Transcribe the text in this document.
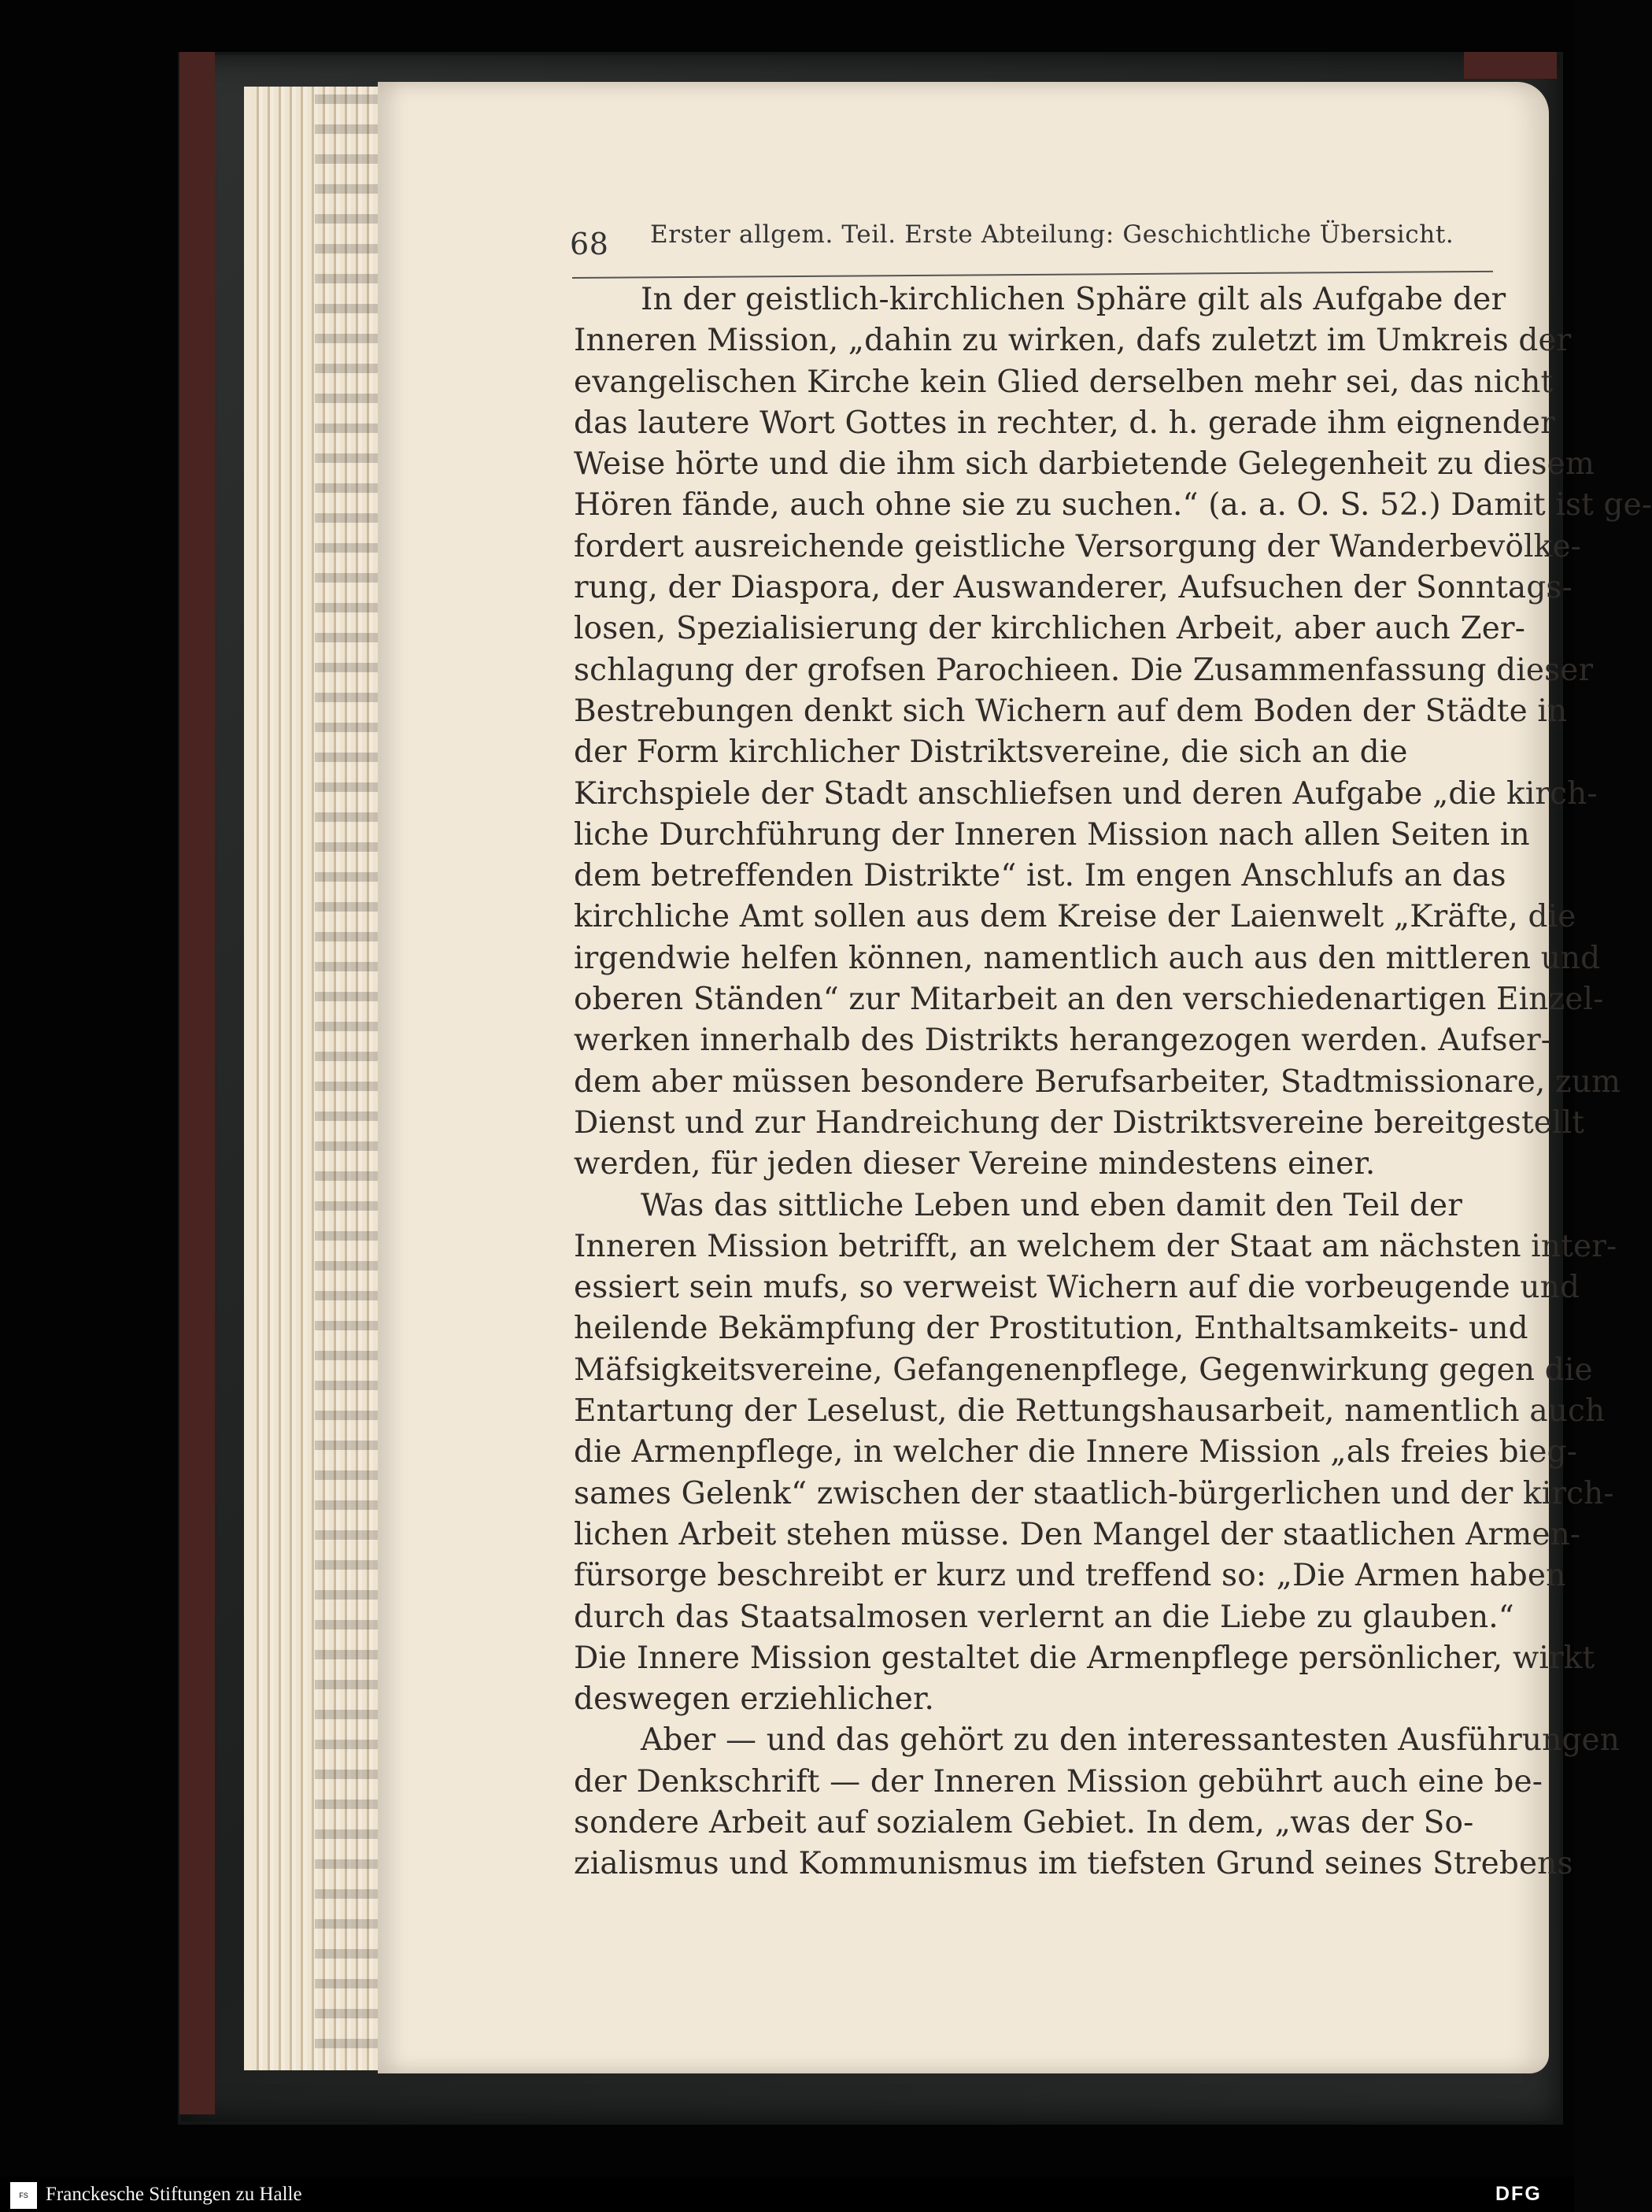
68 Erster allgem. Teil. Erste Abteilung: Geschichtliche Übersicht.
In der geistlich-kirchlichen Sphäre gilt als Aufgabe der
Inneren Mission, „dahin zu wirken, dafs zuletzt im Umkreis der
evangelischen Kirche kein Glied derselben mehr sei, das nicht
das lautere Wort Gottes in rechter, d. h. gerade ihm eignender
Weise hörte und die ihm sich darbietende Gelegenheit zu diesem
Hören fände, auch ohne sie zu suchen.“ (a. a. O. S. 52.) Damit ist ge-
fordert ausreichende geistliche Versorgung der Wanderbevölke-
rung, der Diaspora, der Auswanderer, Aufsuchen der Sonntags-
losen, Spezialisierung der kirchlichen Arbeit, aber auch Zer-
schlagung der grofsen Parochieen. Die Zusammenfassung dieser
Bestrebungen denkt sich Wichern auf dem Boden der Städte in
der Form kirchlicher Distriktsvereine, die sich an die
Kirchspiele der Stadt anschliefsen und deren Aufgabe „die kirch-
liche Durchführung der Inneren Mission nach allen Seiten in
dem betreffenden Distrikte“ ist. Im engen Anschlufs an das
kirchliche Amt sollen aus dem Kreise der Laienwelt „Kräfte, die
irgendwie helfen können, namentlich auch aus den mittleren und
oberen Ständen“ zur Mitarbeit an den verschiedenartigen Einzel-
werken innerhalb des Distrikts herangezogen werden. Aufser-
dem aber müssen besondere Berufsarbeiter, Stadtmissionare, zum
Dienst und zur Handreichung der Distriktsvereine bereitgestellt
werden, für jeden dieser Vereine mindestens einer.
Was das sittliche Leben und eben damit den Teil der
Inneren Mission betrifft, an welchem der Staat am nächsten inter-
essiert sein mufs, so verweist Wichern auf die vorbeugende und
heilende Bekämpfung der Prostitution, Enthaltsamkeits- und
Mäfsigkeitsvereine, Gefangenenpflege, Gegenwirkung gegen die
Entartung der Leselust, die Rettungshausarbeit, namentlich auch
die Armenpflege, in welcher die Innere Mission „als freies bieg-
sames Gelenk“ zwischen der staatlich-bürgerlichen und der kirch-
lichen Arbeit stehen müsse. Den Mangel der staatlichen Armen-
fürsorge beschreibt er kurz und treffend so: „Die Armen haben
durch das Staatsalmosen verlernt an die Liebe zu glauben.“
Die Innere Mission gestaltet die Armenpflege persönlicher, wirkt
deswegen erziehlicher.
Aber — und das gehört zu den interessantesten Ausführungen
der Denkschrift — der Inneren Mission gebührt auch eine be-
sondere Arbeit auf sozialem Gebiet. In dem, „was der So-
zialismus und Kommunismus im tiefsten Grund seines Strebens
FS Franckesche Stiftungen zu Halle	DFG
